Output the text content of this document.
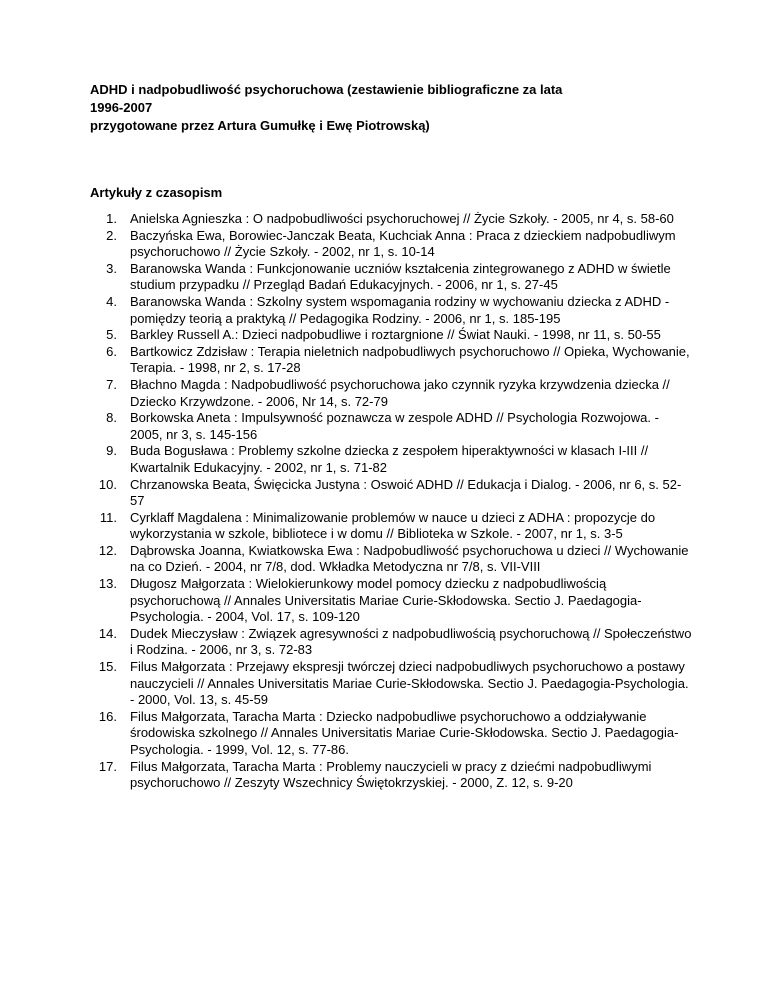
ADHD i nadpobudliwość psychoruchowa (zestawienie bibliograficzne za lata
1996-2007
przygotowane przez Artura Gumułkę i Ewę Piotrowską)
Artykuły z czasopism
1. Anielska Agnieszka : O nadpobudliwości psychoruchowej // Życie Szkoły. - 2005, nr 4, s. 58-60
2. Baczyńska Ewa, Borowiec-Janczak Beata, Kuchciak Anna : Praca z dzieckiem nadpobudliwym psychoruchowo // Życie Szkoły. - 2002, nr 1, s. 10-14
3. Baranowska Wanda : Funkcjonowanie uczniów kształcenia zintegrowanego z ADHD w świetle studium przypadku // Przegląd Badań Edukacyjnych. - 2006, nr 1, s. 27-45
4. Baranowska Wanda : Szkolny system wspomagania rodziny w wychowaniu dziecka z ADHD - pomiędzy teorią a praktyką // Pedagogika Rodziny. - 2006, nr 1, s. 185-195
5. Barkley Russell A.: Dzieci nadpobudliwe i roztargnione // Świat Nauki. - 1998, nr 11, s. 50-55
6. Bartkowicz Zdzisław : Terapia nieletnich nadpobudliwych psychoruchowo // Opieka, Wychowanie, Terapia. - 1998, nr 2, s. 17-28
7. Błachno Magda : Nadpobudliwość psychoruchowa jako czynnik ryzyka krzywdzenia dziecka // Dziecko Krzywdzone. - 2006, Nr 14, s. 72-79
8. Borkowska Aneta : Impulsywność poznawcza w zespole ADHD // Psychologia Rozwojowa. - 2005, nr 3, s. 145-156
9. Buda Bogusława : Problemy szkolne dziecka z zespołem hiperaktywności w klasach I-III // Kwartalnik Edukacyjny. - 2002, nr 1, s. 71-82
10. Chrzanowska Beata, Święcicka Justyna : Oswoić ADHD // Edukacja i Dialog. - 2006, nr 6, s. 52-57
11. Cyrklaff Magdalena : Minimalizowanie problemów w nauce u dzieci z ADHA : propozycje do wykorzystania w szkole, bibliotece i w domu // Biblioteka w Szkole. - 2007, nr 1, s. 3-5
12. Dąbrowska Joanna, Kwiatkowska Ewa : Nadpobudliwość psychoruchowa u dzieci // Wychowanie na co Dzień. - 2004, nr 7/8, dod. Wkładka Metodyczna nr 7/8, s. VII-VIII
13. Długosz Małgorzata : Wielokierunkowy model pomocy dziecku z nadpobudliwością psychoruchową // Annales Universitatis Mariae Curie-Skłodowska. Sectio J. Paedagogia-Psychologia. - 2004, Vol. 17, s. 109-120
14. Dudek Mieczysław : Związek agresywności z nadpobudliwością psychoruchową // Społeczeństwo i Rodzina. - 2006, nr 3, s. 72-83
15. Filus Małgorzata : Przejawy ekspresji twórczej dzieci nadpobudliwych psychoruchowo a postawy nauczycieli // Annales Universitatis Mariae Curie-Skłodowska. Sectio J. Paedagogia-Psychologia. - 2000, Vol. 13, s. 45-59
16. Filus Małgorzata, Taracha Marta : Dziecko nadpobudliwe psychoruchowo a oddziaływanie środowiska szkolnego // Annales Universitatis Mariae Curie-Skłodowska. Sectio J. Paedagogia-Psychologia. - 1999, Vol. 12, s. 77-86.
17. Filus Małgorzata, Taracha Marta : Problemy nauczycieli w pracy z dziećmi nadpobudliwymi psychoruchowo // Zeszyty Wszechnicy Świętokrzyskiej. - 2000, Z. 12, s. 9-20
